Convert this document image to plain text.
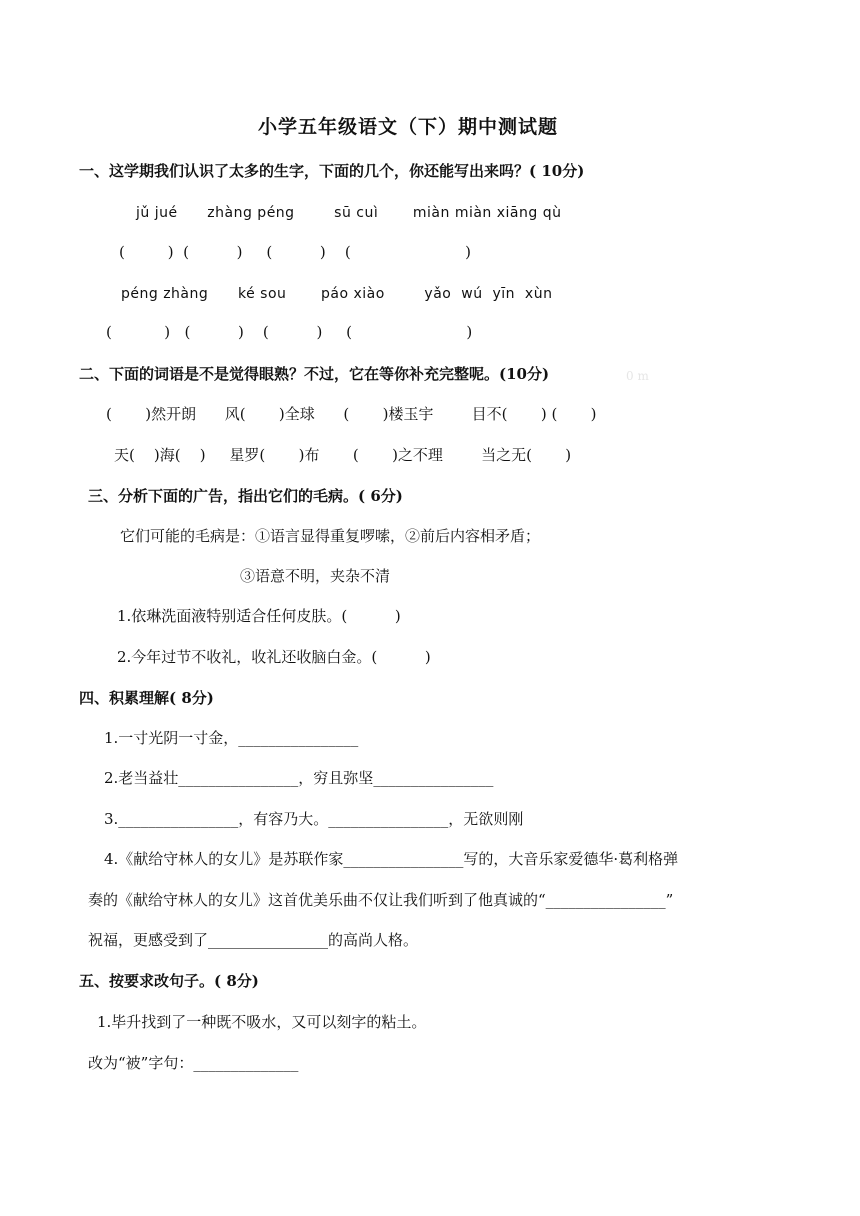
小学五年级语文（下）期中测试题
一、这学期我们认识了太多的生字，下面的几个，你还能写出来吗？( 10分)
jǔ jué      zhàng péng        sū cuì       miàn miàn xiāng qù
(         )  (          )     (          )    (                        )
péng zhàng      ké sou       páo xiào        yǎo  wú  yīn  xùn
(           )   (          )    (          )     (                        )
二、下面的词语是不是觉得眼熟？不过，它在等你补充完整呢。(10分)	0 m
(       )然开朗      风(       )全球      (       )楼玉宇        目不(       ) (       )
天(    )海(    )     星罗(       )布       (       )之不理        当之无(       )
三、分析下面的广告，指出它们的毛病。( 6分)
它们可能的毛病是：①语言显得重复啰嗦，②前后内容相矛盾；
③语意不明，夹杂不清
1.依琳洗面液特别适合任何皮肤。(          )
2.今年过节不收礼，收礼还收脑白金。(          )
四、积累理解( 8分)
1.一寸光阴一寸金，________________
2.老当益壮________________，穷且弥坚________________
3.________________，有容乃大。________________，无欲则刚
4.《献给守林人的女儿》是苏联作家________________写的，大音乐家爱德华·葛利格弹
奏的《献给守林人的女儿》这首优美乐曲不仅让我们听到了他真诚的“________________”
祝福，更感受到了________________的高尚人格。
五、按要求改句子。( 8分)
1.毕升找到了一种既不吸水，又可以刻字的粘土。
改为“被”字句：______________
